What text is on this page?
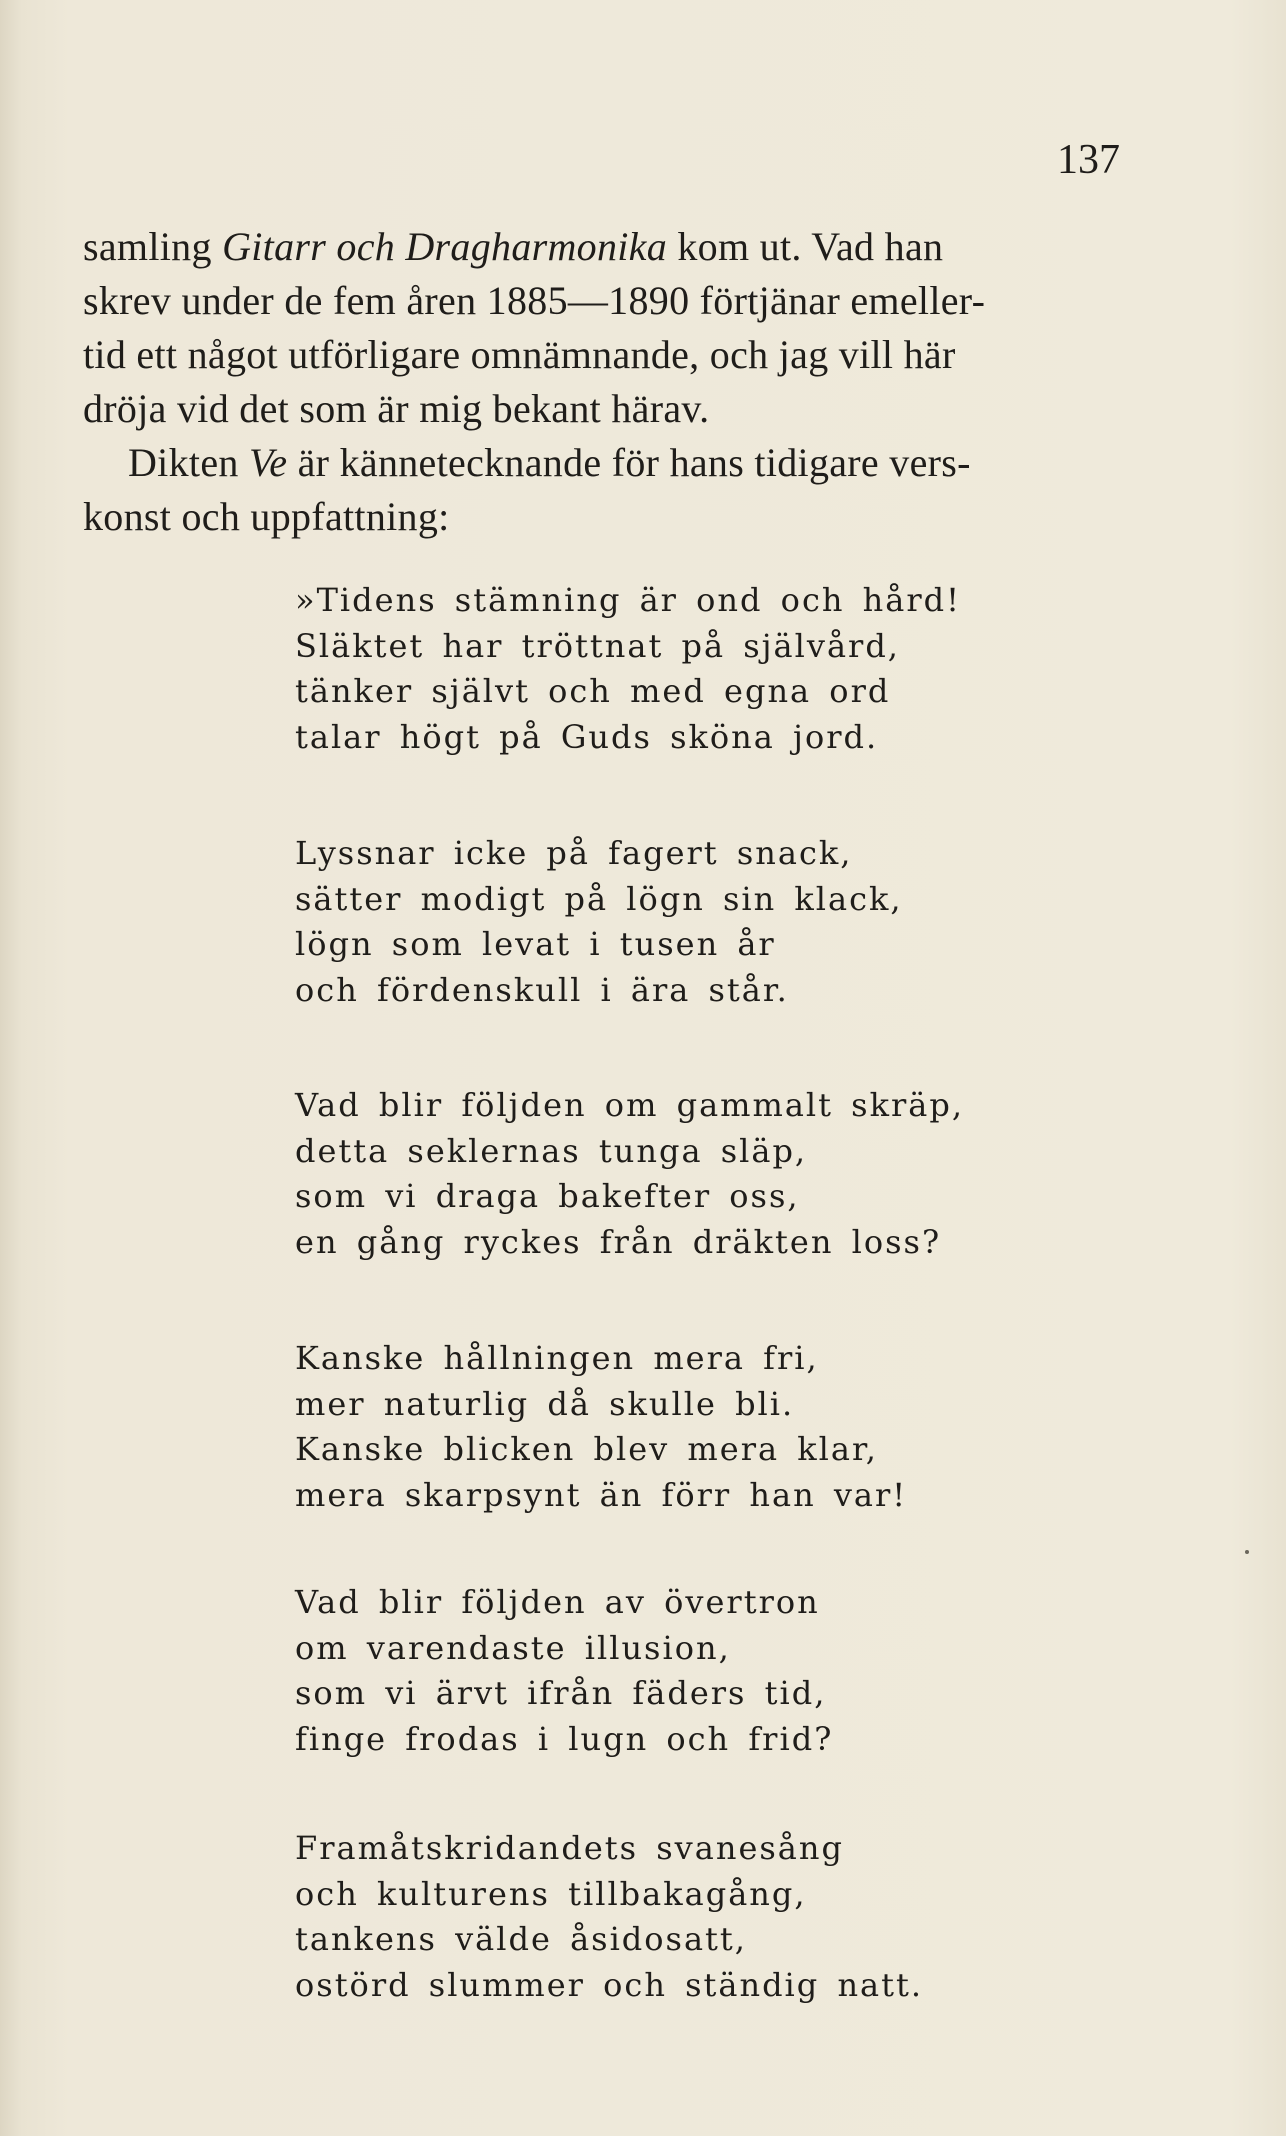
137
samling Gitarr och Dragharmonika kom ut. Vad han
skrev under de fem åren 1885—1890 förtjänar emeller-
tid ett något utförligare omnämnande, och jag vill här
dröja vid det som är mig bekant härav.
Dikten Ve är kännetecknande för hans tidigare vers-
konst och uppfattning:
»Tidens stämning är ond och hård!
Släktet har tröttnat på självård,
tänker självt och med egna ord
talar högt på Guds sköna jord.
Lyssnar icke på fagert snack,
sätter modigt på lögn sin klack,
lögn som levat i tusen år
och fördenskull i ära står.
Vad blir följden om gammalt skräp,
detta seklernas tunga släp,
som vi draga bakefter oss,
en gång ryckes från dräkten loss?
Kanske hållningen mera fri,
mer naturlig då skulle bli.
Kanske blicken blev mera klar,
mera skarpsynt än förr han var!
Vad blir följden av övertron
om varendaste illusion,
som vi ärvt ifrån fäders tid,
finge frodas i lugn och frid?
Framåtskridandets svanesång
och kulturens tillbakagång,
tankens välde åsidosatt,
ostörd slummer och ständig natt.
